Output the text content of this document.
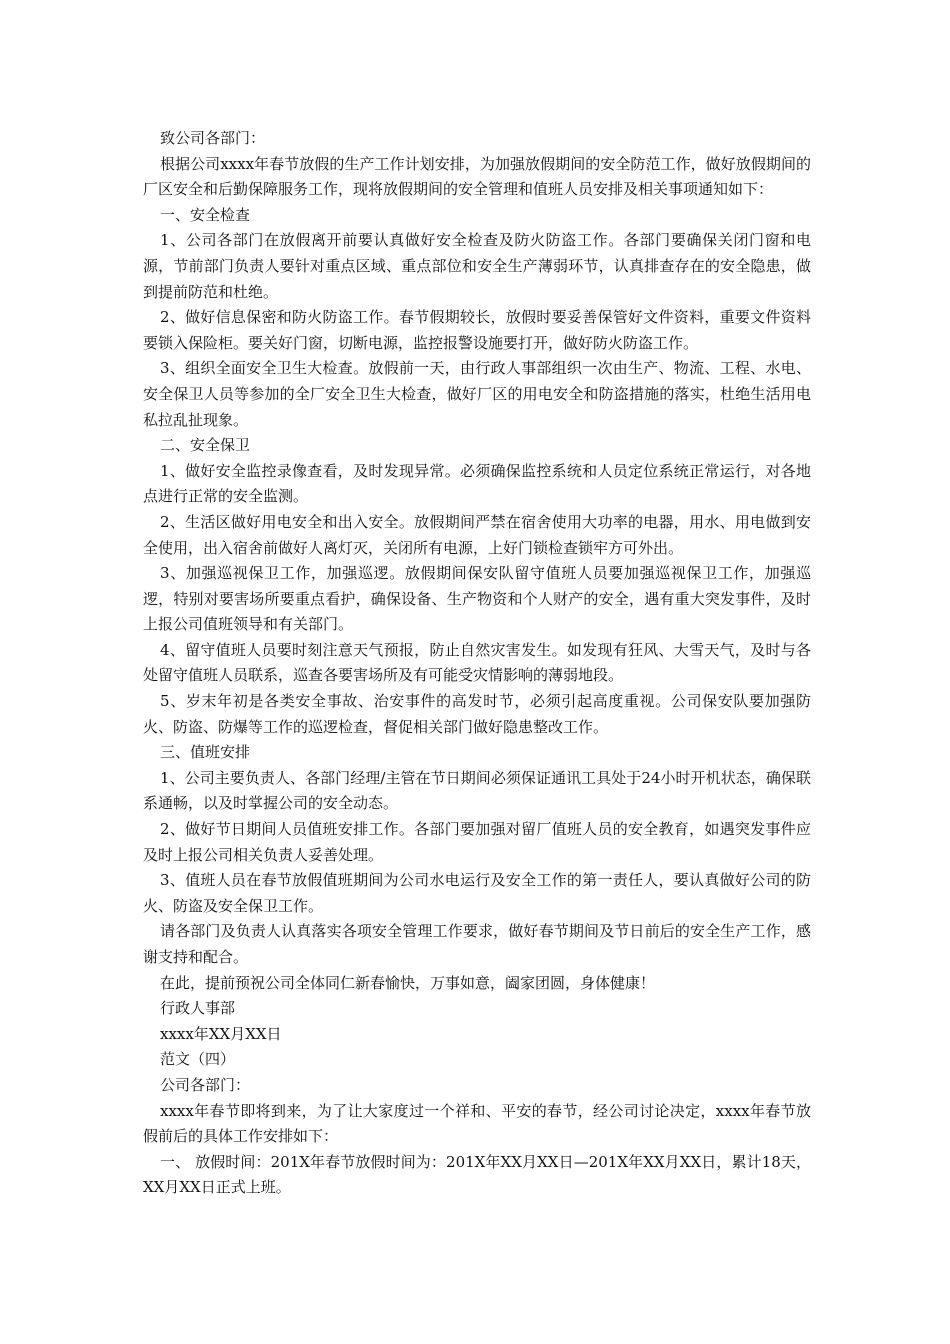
致公司各部门：

根据公司xxxx年春节放假的生产工作计划安排，为加强放假期间的安全防范工作，做好放假期间的厂区安全和后勤保障服务工作，现将放假期间的安全管理和值班人员安排及相关事项通知如下：

一、安全检查

1、公司各部门在放假离开前要认真做好安全检查及防火防盗工作。各部门要确保关闭门窗和电源，节前部门负责人要针对重点区域、重点部位和安全生产薄弱环节，认真排查存在的安全隐患，做到提前防范和杜绝。

2、做好信息保密和防火防盗工作。春节假期较长，放假时要妥善保管好文件资料，重要文件资料要锁入保险柜。要关好门窗，切断电源，监控报警设施要打开，做好防火防盗工作。

3、组织全面安全卫生大检查。放假前一天，由行政人事部组织一次由生产、物流、工程、水电、安全保卫人员等参加的全厂安全卫生大检查，做好厂区的用电安全和防盗措施的落实，杜绝生活用电私拉乱扯现象。

二、安全保卫

1、做好安全监控录像查看，及时发现异常。必须确保监控系统和人员定位系统正常运行，对各地点进行正常的安全监测。

2、生活区做好用电安全和出入安全。放假期间严禁在宿舍使用大功率的电器，用水、用电做到安全使用，出入宿舍前做好人离灯灭，关闭所有电源，上好门锁检查锁牢方可外出。

3、加强巡视保卫工作，加强巡逻。放假期间保安队留守值班人员要加强巡视保卫工作，加强巡逻，特别对要害场所要重点看护，确保设备、生产物资和个人财产的安全，遇有重大突发事件，及时上报公司值班领导和有关部门。

4、留守值班人员要时刻注意天气预报，防止自然灾害发生。如发现有狂风、大雪天气，及时与各处留守值班人员联系，巡查各要害场所及有可能受灾情影响的薄弱地段。

5、岁末年初是各类安全事故、治安事件的高发时节，必须引起高度重视。公司保安队要加强防火、防盗、防爆等工作的巡逻检查，督促相关部门做好隐患整改工作。

三、值班安排

1、公司主要负责人、各部门经理/主管在节日期间必须保证通讯工具处于24小时开机状态，确保联系通畅，以及时掌握公司的安全动态。

2、做好节日期间人员值班安排工作。各部门要加强对留厂值班人员的安全教育，如遇突发事件应及时上报公司相关负责人妥善处理。

3、值班人员在春节放假值班期间为公司水电运行及安全工作的第一责任人，要认真做好公司的防火、防盗及安全保卫工作。

请各部门及负责人认真落实各项安全管理工作要求，做好春节期间及节日前后的安全生产工作，感谢支持和配合。

在此，提前预祝公司全体同仁新春愉快，万事如意，阖家团圆，身体健康！

行政人事部

xxxx年XX月XX日

范文（四）

公司各部门：

xxxx年春节即将到来，为了让大家度过一个祥和、平安的春节，经公司讨论决定，xxxx年春节放假前后的具体工作安排如下：

一、 放假时间：201X年春节放假时间为：201X年XX月XX日—201X年XX月XX日，累计18天， XX月XX日正式上班。
